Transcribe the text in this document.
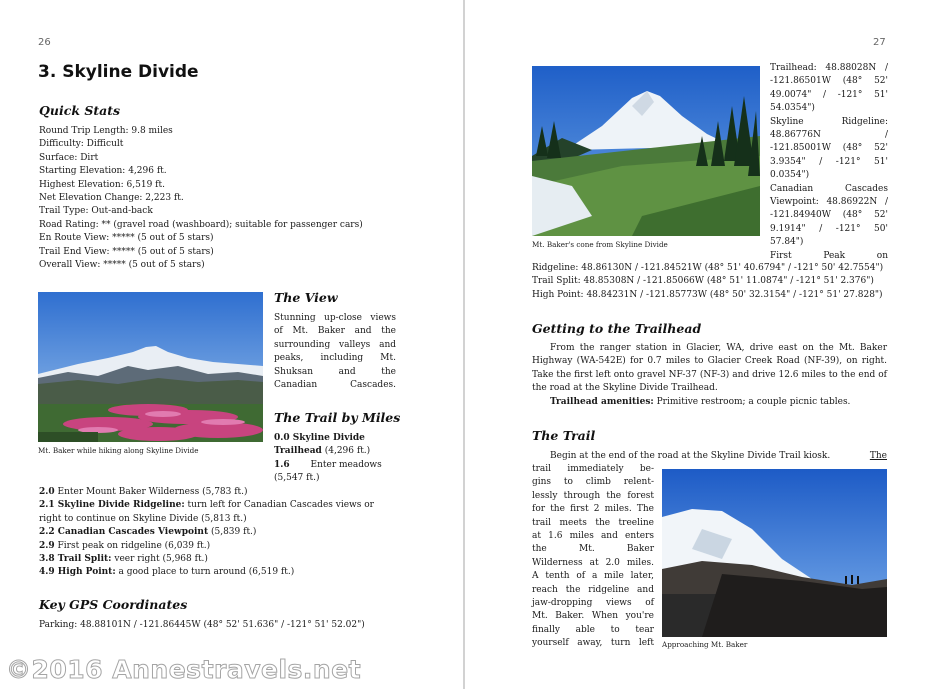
26
3. Skyline Divide
Quick Stats
Round Trip Length: 9.8 miles
Difficulty: Difficult
Surface: Dirt
Starting Elevation: 4,296 ft.
Highest Elevation: 6,519 ft.
Net Elevation Change: 2,223 ft.
Trail Type: Out-and-back
Road Rating: ** (gravel road (washboard); suitable for passenger cars)
En Route View: ***** (5 out of 5 stars)
Trail End View: ***** (5 out of 5 stars)
Overall View: ***** (5 out of 5 stars)
Mt. Baker while hiking along Skyline Divide
The View
Stunning up-close views
of Mt. Baker and the
surrounding valleys and
peaks, including Mt.
Shuksan and the
Canadian Cascades.
The Trail by Miles
0.0 Skyline Divide
Trailhead (4,296 ft.)
1.6 Enter meadows
(5,547 ft.)
2.0 Enter Mount Baker Wilderness (5,783 ft.)
2.1 Skyline Divide Ridgeline: turn left for Canadian Cascades views or
right to continue on Skyline Divide (5,813 ft.)
2.2 Canadian Cascades Viewpoint (5,839 ft.)
2.9 First peak on ridgeline (6,039 ft.)
3.8 Trail Split: veer right (5,968 ft.)
4.9 High Point: a good place to turn around (6,519 ft.)
Key GPS Coordinates
Parking: 48.88101N / -121.86445W (48° 52' 51.636" / -121° 51' 52.02")
27
Mt. Baker's cone from Skyline Divide
Trailhead: 48.88028N /
-121.86501W (48° 52'
49.0074" / -121° 51'
54.0354")
Skyline Ridgeline:
48.86776N /
-121.85001W (48° 52'
3.9354" / -121° 51'
0.0354")
Canadian Cascades
Viewpoint: 48.86922N /
-121.84940W (48° 52'
9.1914" / -121° 50'
57.84")
First Peak on
Ridgeline: 48.86130N / -121.84521W (48° 51' 40.6794" / -121° 50' 42.7554")
Trail Split: 48.85308N / -121.85066W (48° 51' 11.0874" / -121° 51' 2.376")
High Point: 48.84231N / -121.85773W (48° 50' 32.3154" / -121° 51' 27.828")
Getting to the Trailhead
From the ranger station in Glacier, WA, drive east on the Mt. Baker Highway (WA-542E) for 0.7 miles to Glacier Creek Road (NF-39), on right. Take the first left onto gravel NF-37 (NF-3) and drive 12.6 miles to the end of the road at the Skyline Divide Trailhead.
Trailhead amenities: Primitive restroom; a couple picnic tables.
The Trail
Begin at the end of the road at the Skyline Divide Trail kiosk.	The
trail immediately be-
gins to climb relent-
lessly through the forest
for the first 2 miles. The
trail meets the treeline
at 1.6 miles and enters
the Mt. Baker
Wilderness at 2.0 miles.
A tenth of a mile later,
reach the ridgeline and
jaw-dropping views of
Mt. Baker. When you're
finally able to tear
yourself away, turn left Approaching Mt. Baker
©2016 Annestravels.net
